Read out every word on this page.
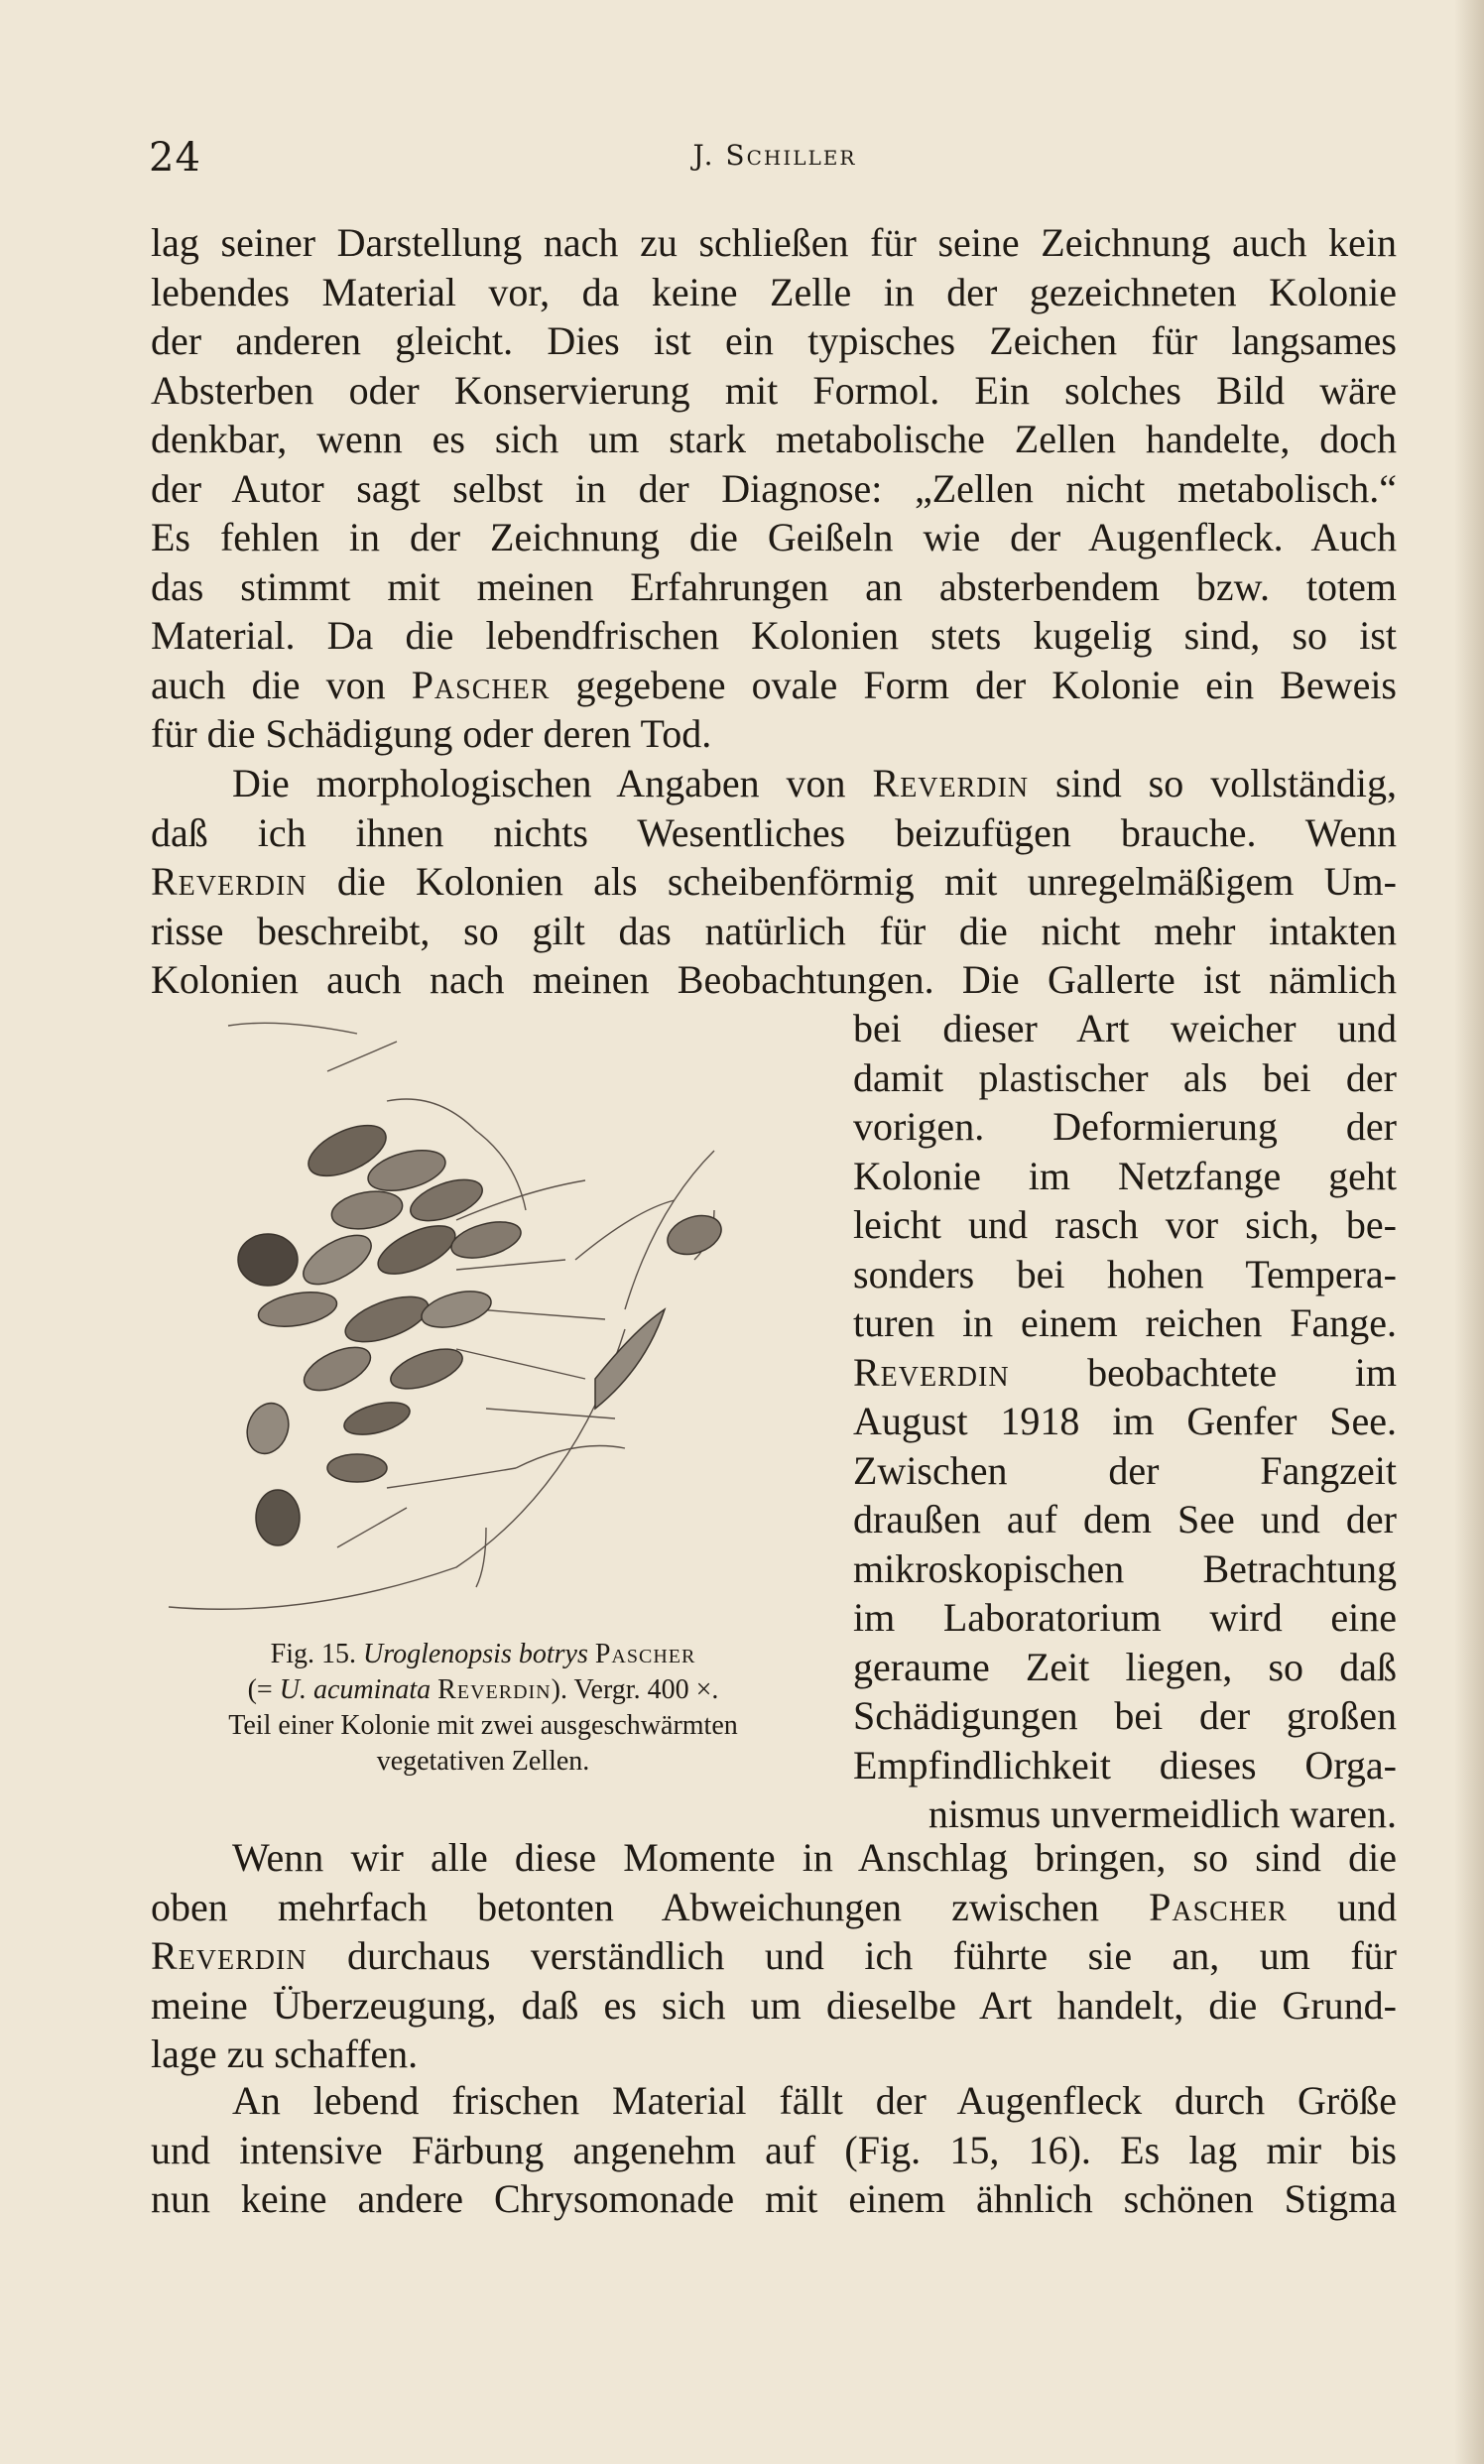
24	J. Schiller
lag seiner Darstellung nach zu schließen für seine Zeichnung auch kein
lebendes Material vor, da keine Zelle in der gezeichneten Kolonie
der anderen gleicht. Dies ist ein typisches Zeichen für langsames
Absterben oder Konservierung mit Formol. Ein solches Bild wäre
denkbar, wenn es sich um stark metabolische Zellen handelte, doch
der Autor sagt selbst in der Diagnose: „Zellen nicht metabolisch.“
Es fehlen in der Zeichnung die Geißeln wie der Augenfleck. Auch
das stimmt mit meinen Erfahrungen an absterbendem bzw. totem
Material. Da die lebendfrischen Kolonien stets kugelig sind, so ist
auch die von Pascher gegebene ovale Form der Kolonie ein Beweis
für die Schädigung oder deren Tod.
Die morphologischen Angaben von Reverdin sind so vollständig,
daß ich ihnen nichts Wesentliches beizufügen brauche. Wenn
Reverdin die Kolonien als scheibenförmig mit unregelmäßigem Um-
risse beschreibt, so gilt das natürlich für die nicht mehr intakten
Kolonien auch nach meinen Beobachtungen. Die Gallerte ist nämlich
bei dieser Art weicher und
damit plastischer als bei der
vorigen. Deformierung der
Kolonie im Netzfange geht
leicht und rasch vor sich, be-
sonders bei hohen Tempera-
turen in einem reichen Fange.
Reverdin beobachtete im
August 1918 im Genfer See.
Zwischen der Fangzeit
draußen auf dem See und der
mikroskopischen Betrachtung
im Laboratorium wird eine
geraume Zeit liegen, so daß
Schädigungen bei der großen
Empfindlichkeit dieses Orga-
nismus unvermeidlich waren.
Fig. 15. Uroglenopsis botrys Pascher
(= U. acuminata Reverdin). Vergr. 400 ×.
Teil einer Kolonie mit zwei ausgeschwärmten
vegetativen Zellen.
Wenn wir alle diese Momente in Anschlag bringen, so sind die
oben mehrfach betonten Abweichungen zwischen Pascher und
Reverdin durchaus verständlich und ich führte sie an, um für
meine Überzeugung, daß es sich um dieselbe Art handelt, die Grund-
lage zu schaffen.
An lebend frischen Material fällt der Augenfleck durch Größe
und intensive Färbung angenehm auf (Fig. 15, 16). Es lag mir bis
nun keine andere Chrysomonade mit einem ähnlich schönen Stigma
